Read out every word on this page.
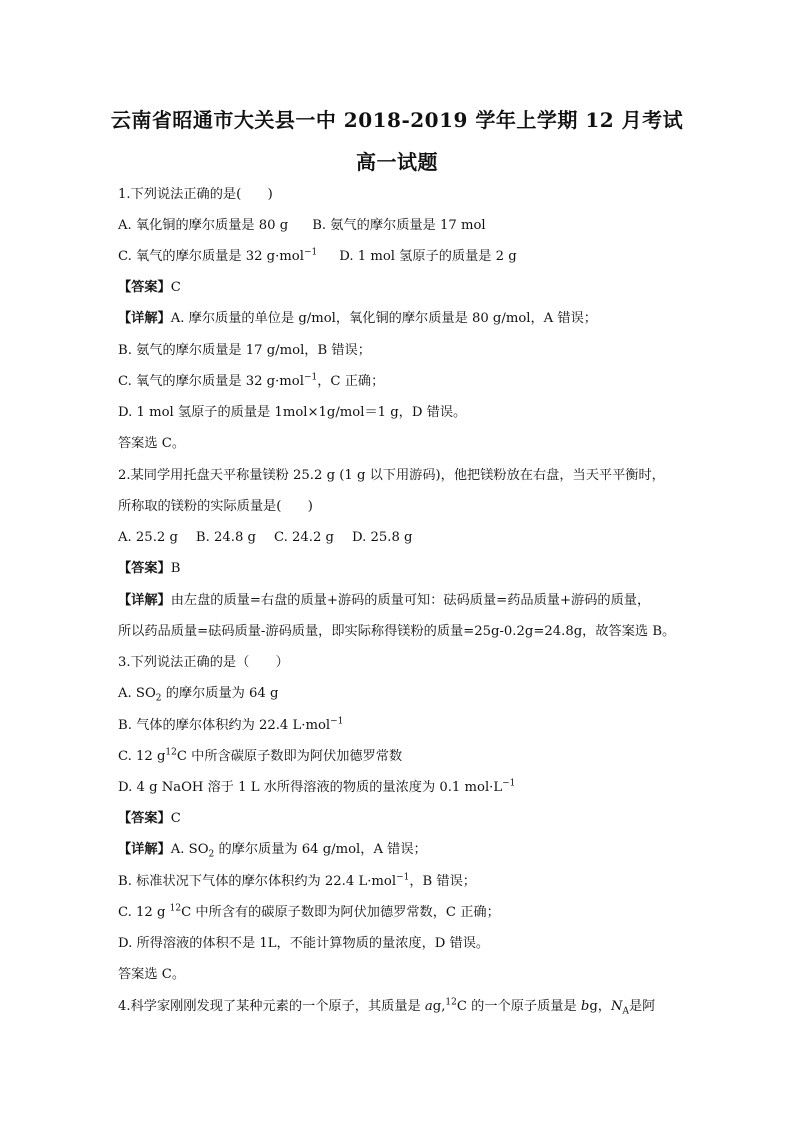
云南省昭通市大关县一中 2018-2019 学年上学期 12 月考试
高一试题
1.下列说法正确的是(　　)
A. 氧化铜的摩尔质量是 80 g B. 氨气的摩尔质量是 17 mol
C. 氧气的摩尔质量是 32 g·mol$^{-1}$ D. 1 mol 氢原子的质量是 2 g
【答案】C
【详解】A. 摩尔质量的单位是 g/mol，氧化铜的摩尔质量是 80 g/mol，A 错误；
B. 氨气的摩尔质量是 17 g/mol，B 错误；
C. 氧气的摩尔质量是 32 g·mol$^{-1}$，C 正确；
D. 1 mol 氢原子的质量是 1mol×1g/mol＝1 g，D 错误。
答案选 C。
2.某同学用托盘天平称量镁粉 25.2 g (1 g 以下用游码)，他把镁粉放在右盘，当天平平衡时，
所称取的镁粉的实际质量是(　　)
A. 25.2 g B. 24.8 g C. 24.2 g D. 25.8 g
【答案】B
【详解】由左盘的质量=右盘的质量+游码的质量可知：砝码质量=药品质量+游码的质量，
所以药品质量=砝码质量-游码质量，即实际称得镁粉的质量=25g-0.2g=24.8g，故答案选 B。
3.下列说法正确的是（　　）
A. $SO_2$ 的摩尔质量为 64 g
B. 气体的摩尔体积约为 22.4 L·mol$^{-1}$
C. 12 $g^{12}C$ 中所含碳原子数即为阿伏加德罗常数
D. 4 g NaOH 溶于 1 L 水所得溶液的物质的量浓度为 0.1 $mol\cdot L^{-1}$
【答案】C
【详解】A. $SO_2$ 的摩尔质量为 64 g/mol，A 错误；
B. 标准状况下气体的摩尔体积约为 22.4 L·mol$^{-1}$，B 错误；
C. 12 g $^{12}$C 中所含有的碳原子数即为阿伏加德罗常数，C 正确；
D. 所得溶液的体积不是 1L，不能计算物质的量浓度，D 错误。
答案选 C。
4.科学家刚刚发现了某种元素的一个原子，其质量是 ag,$^{12}$C 的一个原子质量是 bg，$N_A$是阿
